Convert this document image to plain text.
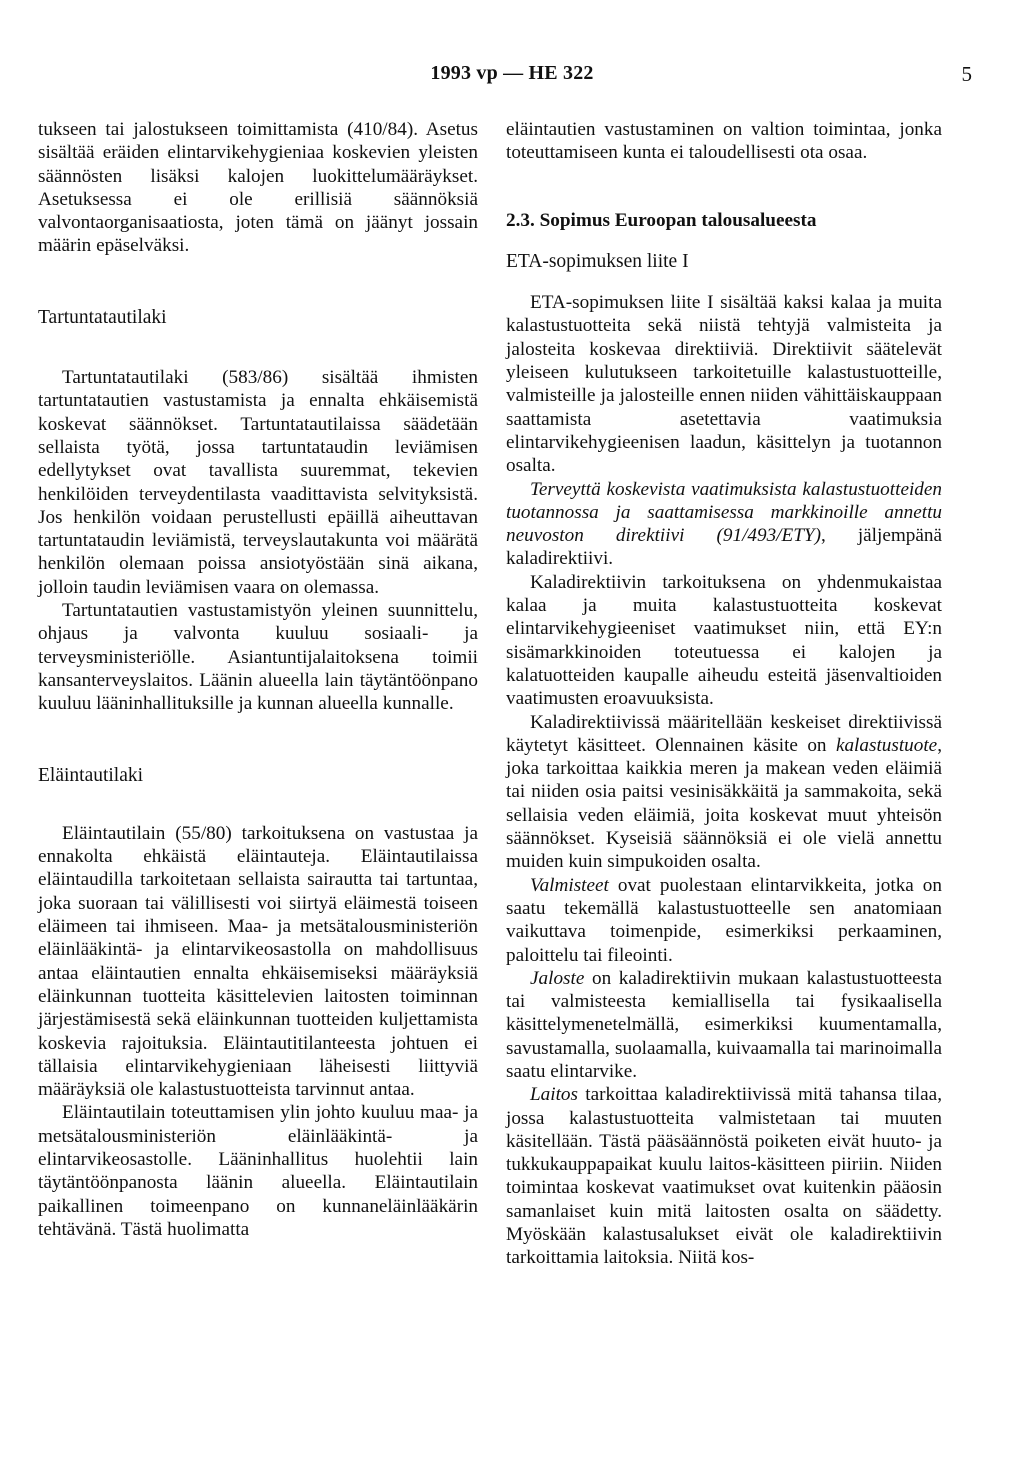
1993 vp — HE 322	5

tukseen tai jalostukseen toimittamista (410/84). Asetus sisältää eräiden elintarvikehygieniaa koskevien yleisten säännösten lisäksi kalojen luokittelumääräykset. Asetuksessa ei ole erillisiä säännöksiä valvontaorganisaatiosta, joten tämä on jäänyt jossain määrin epäselväksi.

Tartuntatautilaki

Tartuntatautilaki (583/86) sisältää ihmisten tartuntatautien vastustamista ja ennalta ehkäisemistä koskevat säännökset. Tartuntatautilaissa säädetään sellaista työtä, jossa tartuntataudin leviämisen edellytykset ovat tavallista suuremmat, tekevien henkilöiden terveydentilasta vaadittavista selvityksistä. Jos henkilön voidaan perustellusti epäillä aiheuttavan tartuntataudin leviämistä, terveyslautakunta voi määrätä henkilön olemaan poissa ansiotyöstään sinä aikana, jolloin taudin leviämisen vaara on olemassa.

Tartuntatautien vastustamistyön yleinen suunnittelu, ohjaus ja valvonta kuuluu sosiaali- ja terveysministeriölle. Asiantuntijalaitoksena toimii kansanterveyslaitos. Läänin alueella lain täytäntöönpano kuuluu lääninhallituksille ja kunnan alueella kunnalle.

Eläintautilaki

Eläintautilain (55/80) tarkoituksena on vastustaa ja ennakolta ehkäistä eläintauteja. Eläintautilaissa eläintaudilla tarkoitetaan sellaista sairautta tai tartuntaa, joka suoraan tai välillisesti voi siirtyä eläimestä toiseen eläimeen tai ihmiseen. Maa- ja metsätalousministeriön eläinlääkintä- ja elintarvikeosastolla on mahdollisuus antaa eläintautien ennalta ehkäisemiseksi määräyksiä eläinkunnan tuotteita käsittelevien laitosten toiminnan järjestämisestä sekä eläinkunnan tuotteiden kuljettamista koskevia rajoituksia. Eläintautitilanteesta johtuen ei tällaisia elintarvikehygieniaan läheisesti liittyviä määräyksiä ole kalastustuotteista tarvinnut antaa.

Eläintautilain toteuttamisen ylin johto kuuluu maa- ja metsätalousministeriön eläinlääkintä- ja elintarvikeosastolle. Lääninhallitus huolehtii lain täytäntöönpanosta läänin alueella. Eläintautilain paikallinen toimeenpano on kunnaneläinlääkärin tehtävänä. Tästä huolimatta

eläintautien vastustaminen on valtion toimintaa, jonka toteuttamiseen kunta ei taloudellisesti ota osaa.

2.3. Sopimus Euroopan talousalueesta
ETA-sopimuksen liite I

ETA-sopimuksen liite I sisältää kaksi kalaa ja muita kalastustuotteita sekä niistä tehtyjä valmisteita ja jalosteita koskevaa direktiiviä. Direktiivit säätelevät yleiseen kulutukseen tarkoitetuille kalastustuotteille, valmisteille ja jalosteille ennen niiden vähittäiskauppaan saattamista asetettavia vaatimuksia elintarvikehygieenisen laadun, käsittelyn ja tuotannon osalta.

Terveyttä koskevista vaatimuksista kalastustuotteiden tuotannossa ja saattamisessa markkinoille annettu neuvoston direktiivi (91/493/ETY), jäljempänä kaladirektiivi.

Kaladirektiivin tarkoituksena on yhdenmukaistaa kalaa ja muita kalastustuotteita koskevat elintarvikehygieeniset vaatimukset niin, että EY:n sisämarkkinoiden toteutuessa ei kalojen ja kalatuotteiden kaupalle aiheudu esteitä jäsenvaltioiden vaatimusten eroavuuksista.

Kaladirektiivissä määritellään keskeiset direktiivissä käytetyt käsitteet. Olennainen käsite on kalastustuote, joka tarkoittaa kaikkia meren ja makean veden eläimiä tai niiden osia paitsi vesinisäkkäitä ja sammakoita, sekä sellaisia veden eläimiä, joita koskevat muut yhteisön säännökset. Kyseisiä säännöksiä ei ole vielä annettu muiden kuin simpukoiden osalta.

Valmisteet ovat puolestaan elintarvikkeita, jotka on saatu tekemällä kalastustuotteelle sen anatomiaan vaikuttava toimenpide, esimerkiksi perkaaminen, paloittelu tai fileointi.

Jaloste on kaladirektiivin mukaan kalastustuotteesta tai valmisteesta kemiallisella tai fysikaalisella käsittelymenetelmällä, esimerkiksi kuumentamalla, savustamalla, suolaamalla, kuivaamalla tai marinoimalla saatu elintarvike.

Laitos tarkoittaa kaladirektiivissä mitä tahansa tilaa, jossa kalastustuotteita valmistetaan tai muuten käsitellään. Tästä pääsäännöstä poiketen eivät huuto- ja tukkukauppapaikat kuulu laitos-käsitteen piiriin. Niiden toimintaa koskevat vaatimukset ovat kuitenkin pääosin samanlaiset kuin mitä laitosten osalta on säädetty. Myöskään kalastusalukset eivät ole kaladirektiivin tarkoittamia laitoksia. Niitä kos-
